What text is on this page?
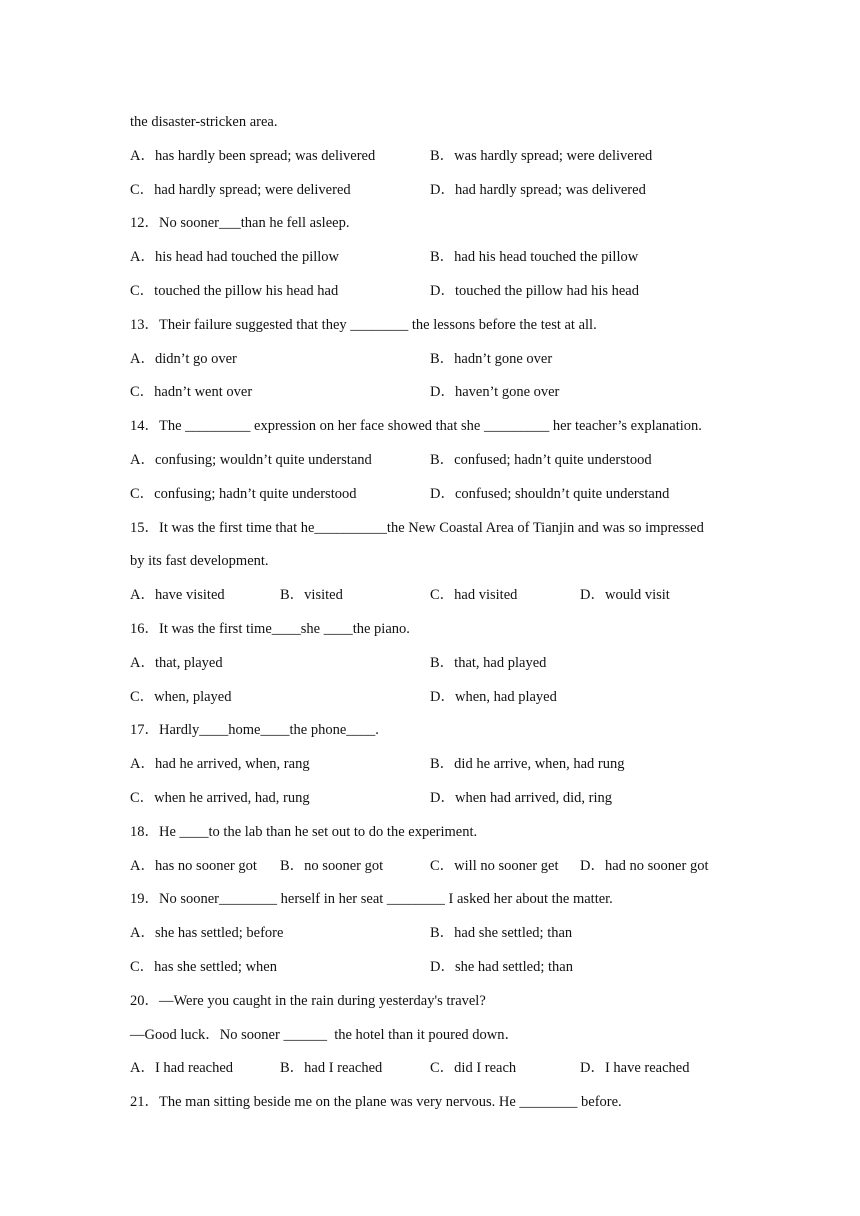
the disaster-stricken area.
A．has hardly been spread; was delivered	B．was hardly spread; were delivered
C．had hardly spread; were delivered	D．had hardly spread; was delivered
12．No sooner___than he fell asleep.
A．his head had touched the pillow	B．had his head touched the pillow
C．touched the pillow his head had	D．touched the pillow had his head
13．Their failure suggested that they ________ the lessons before the test at all.
A．didn’t go over	B．hadn’t gone over
C．hadn’t went over	D．haven’t gone over
14．The _________ expression on her face showed that she _________ her teacher’s explanation.
A．confusing; wouldn’t quite understand	B．confused; hadn’t quite understood
C．confusing; hadn’t quite understood	D．confused; shouldn’t quite understand
15．It was the first time that he__________the New Coastal Area of Tianjin and was so impressed
by its fast development.
A．have visited	B．visited	C．had visited	D．would visit
16．It was the first time____she ____the piano.
A．that, played	B．that, had played
C．when, played	D．when, had played
17．Hardly____home____the phone____.
A．had he arrived, when, rang	B．did he arrive, when, had rung
C．when he arrived, had, rung	D．when had arrived, did, ring
18．He ____to the lab than he set out to do the experiment.
A．has no sooner got B．no sooner got	C．will no sooner get D．had no sooner got
19．No sooner________ herself in her seat ________ I asked her about the matter.
A．she has settled; before	B．had she settled; than
C．has she settled; when	D．she had settled; than
20．—Were you caught in the rain during yesterday's travel?
—Good luck．No sooner ______  the hotel than it poured down．
A．I had reached	B．had I reached	C．did I reach	D．I have reached
21．The man sitting beside me on the plane was very nervous. He ________ before.
